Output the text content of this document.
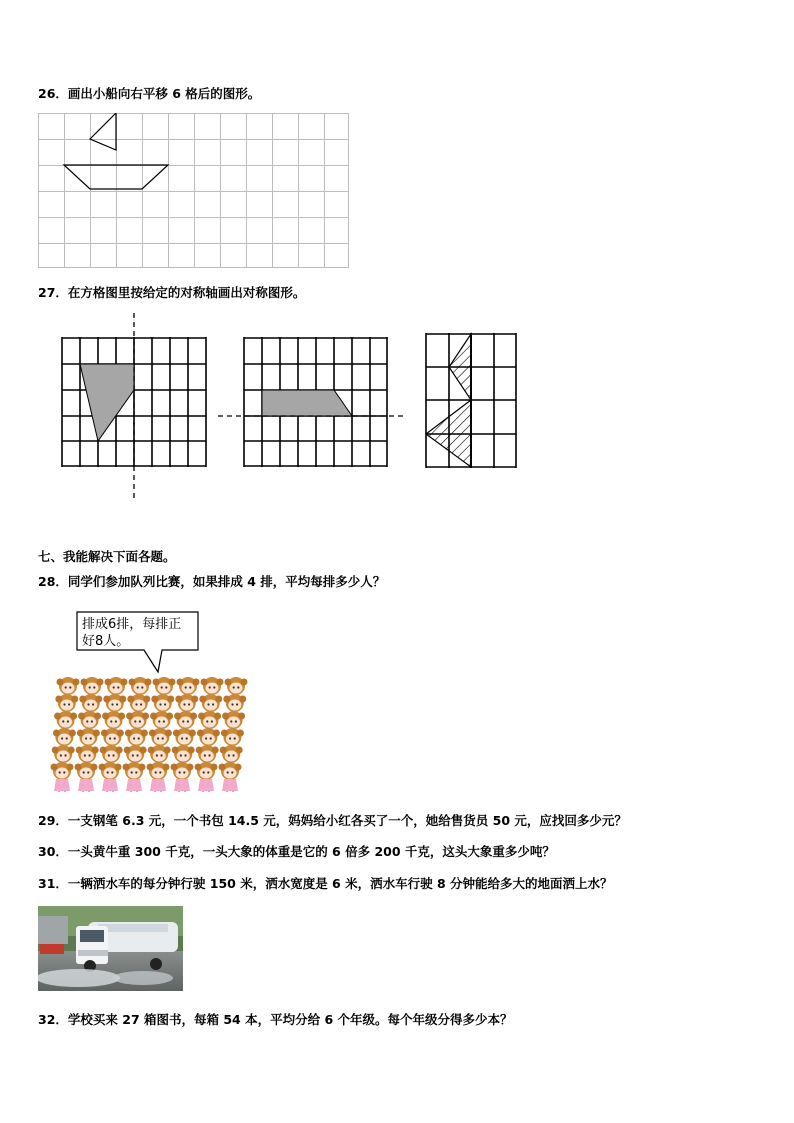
26．画出小船向右平移 6 格后的图形。
27．在方格图里按给定的对称轴画出对称图形。
七、我能解决下面各题。
28．同学们参加队列比赛，如果排成 4 排，平均每排多少人？
排成6排，每排正
好8人。
29．一支钢笔 6.3 元，一个书包 14.5 元，妈妈给小红各买了一个，她给售货员 50 元，应找回多少元？
30．一头黄牛重 300 千克，一头大象的体重是它的 6 倍多 200 千克，这头大象重多少吨？
31．一辆洒水车的每分钟行驶 150 米，洒水宽度是 6 米，洒水车行驶 8 分钟能给多大的地面洒上水？
32．学校买来 27 箱图书，每箱 54 本，平均分给 6 个年级。每个年级分得多少本？
